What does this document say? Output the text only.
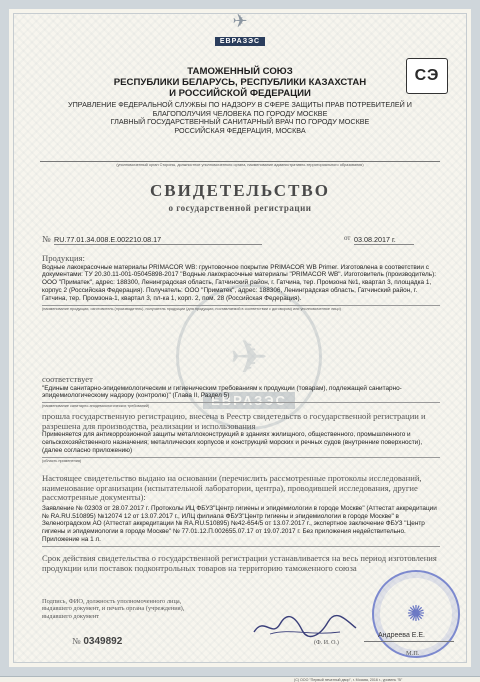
✈
ЕВРАЗЭС
СЭ
ТАМОЖЕННЫЙ СОЮЗ
РЕСПУБЛИКИ БЕЛАРУСЬ, РЕСПУБЛИКИ КАЗАХСТАН
И РОССИЙСКОЙ ФЕДЕРАЦИИ
УПРАВЛЕНИЕ ФЕДЕРАЛЬНОЙ СЛУЖБЫ ПО НАДЗОРУ В СФЕРЕ ЗАЩИТЫ ПРАВ ПОТРЕБИТЕЛЕЙ И
БЛАГОПОЛУЧИЯ ЧЕЛОВЕКА ПО ГОРОДУ МОСКВЕ
ГЛАВНЫЙ ГОСУДАРСТВЕННЫЙ САНИТАРНЫЙ ВРАЧ ПО ГОРОДУ МОСКВЕ
РОССИЙСКАЯ ФЕДЕРАЦИЯ, МОСКВА
(уполномоченный орган Стороны, должностное уполномоченного органа, наименование административно-территориального образования)
СВИДЕТЕЛЬСТВО
о государственной регистрации
№ RU.77.01.34.008.Е.002210.08.17	от 03.08.2017 г.
✈
ЕВРАЗЭС
Продукция:
Водные лакокрасочные материалы PRIMACOR WB: грунтовочное покрытие PRIMACOR WB Primer. Изготовлена в соответствии с документами: ТУ 20.30.11-001-05045898-2017 "Водные лакокрасочные материалы "PRIMACOR WB". Изготовитель (производитель): ООО "Приматек", адрес: 188300, Ленинградская область, Гатчинский район, г. Гатчина, тер. Промзона №1, квартал 3, площадка 1, корпус 2 (Российская Федерация). Получатель: ООО "Приматек", адрес: 188306, Ленинградская область, Гатчинский район, г. Гатчина, тер. Промзона-1, квартал 3, пл-ка 1, корп. 2, пом. 28 (Российская Федерация).
(наименование продукции, изготовитель (производитель), получатель продукции (для продукции, поставляемой в соответствии с договором) или уполномоченное лицо)
соответствует
"Единым санитарно-эпидемиологическим и гигиеническим требованиям к продукции (товарам), подлежащей санитарно-эпидемиологическому надзору (контролю)" (Глава II, Раздел 5)
(наименование санитарно-эпидемиологических требований)
прошла государственную регистрацию, внесена в Реестр свидетельств о государственной регистрации и разрешена для производства, реализации и использования
Применяется для антикоррозионной защиты металлоконструкций в зданиях жилищного, общественного, промышленного и сельскохозяйственного назначения; металлических корпусов и конструкций морских и речных судов (внутренние поверхности), (далее согласно приложению)
(область применения)
Настоящее свидетельство выдано на основании (перечислить рассмотренные протоколы исследований, наименование организации (испытательной лаборатории, центра), проводившей исследования, другие рассмотренные документы):
Заявление № 02303 от 28.07.2017 г. Протоколы ИЦ ФБУЗ"Центр гигиены и эпидемиологии в городе Москве" (Аттестат аккредитации № RA.RU.510895) №12074 12 от 13.07.2017 г., ИЛЦ филиала ФБУЗ"Центр гигиены и эпидемиологии в городе Москве" в Зеленоградском АО (Аттестат аккредитации № RA.RU.510895) №42-654/5 от 13.07.2017 г., экспертное заключение ФБУЗ "Центр гигиены и эпидемиологии в городе Москве" № 77.01.12.П.002655.07.17 от 19.07.2017 г. Без приложения недействительно. Приложение на 1 л.
Срок действия свидетельства о государственной регистрации устанавливается на весь период изготовления продукции или поставок подконтрольных товаров на территорию таможенного союза
✺
Подпись, ФИО, должность уполномоченного лица, выдавшего документ, и печать органа (учреждения), выдавшего документ
№ 0349892	(Ф. И. О.)
Андреева Е.Е.
М.П.
(С) ООО "Первый печатный двор", г. Москва, 2016 г., уровень "В"
